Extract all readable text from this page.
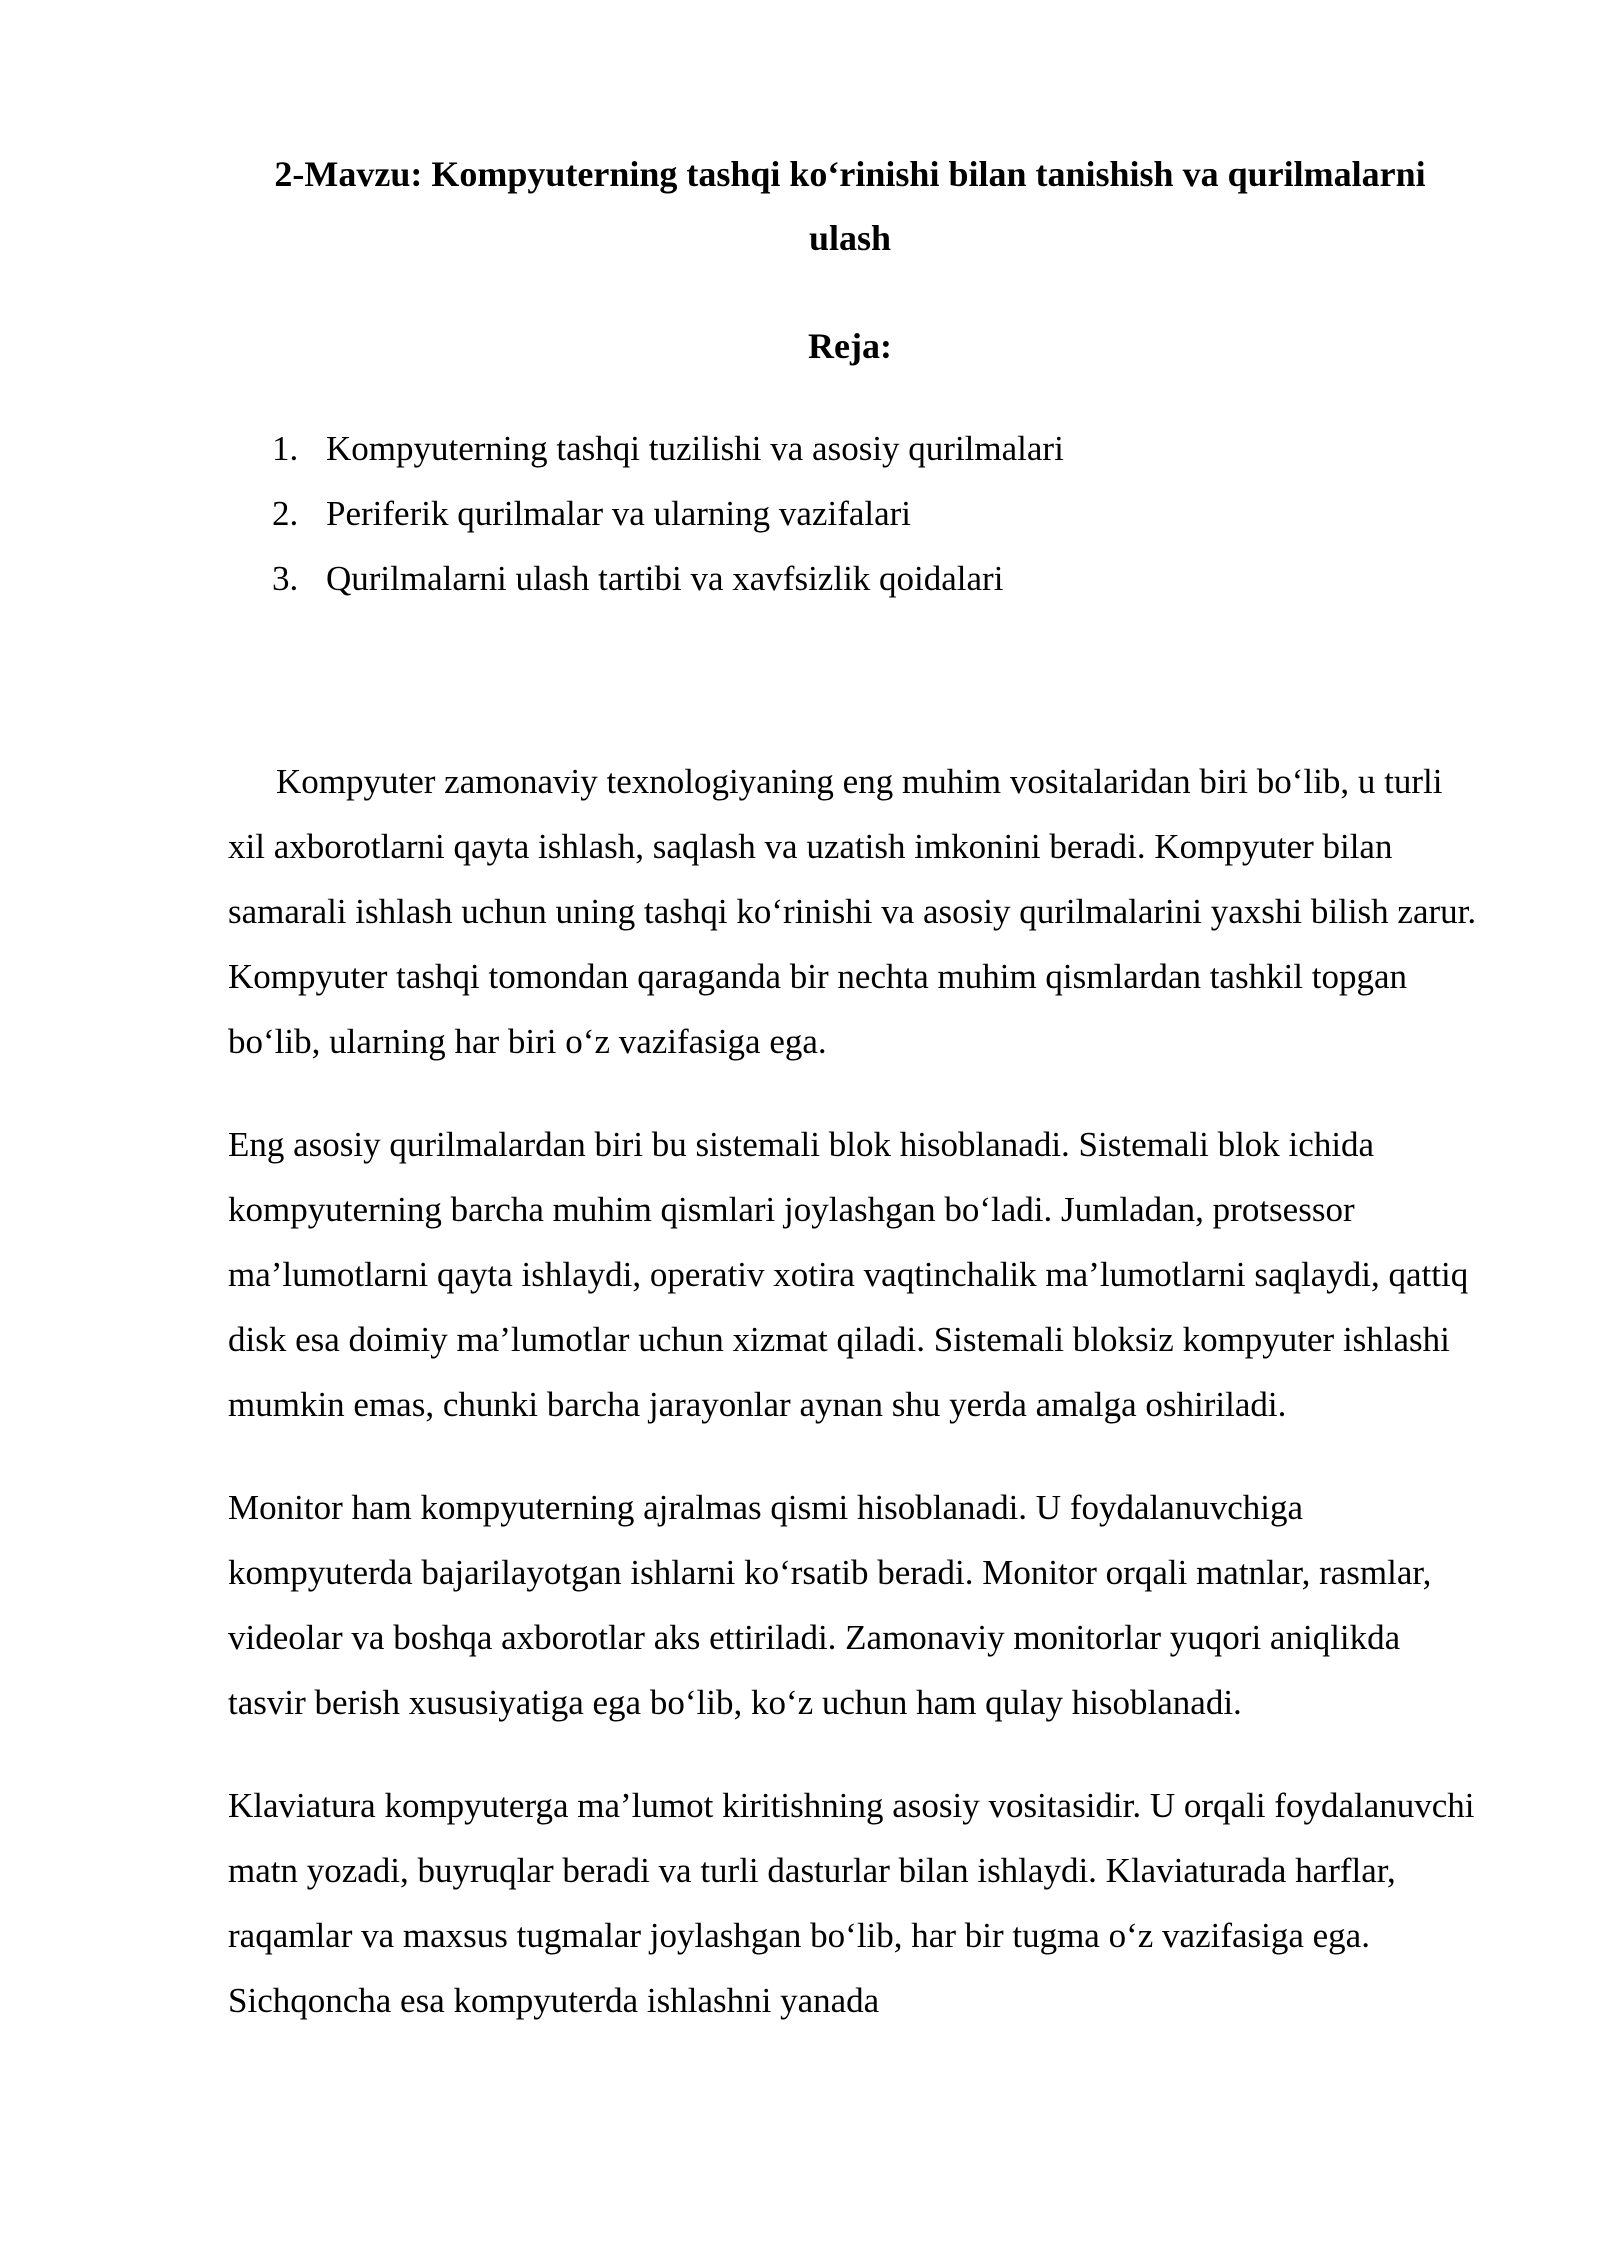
2-Mavzu: Kompyuterning tashqi ko‘rinishi bilan tanishish va qurilmalarni ulash
Reja:
1. Kompyuterning tashqi tuzilishi va asosiy qurilmalari
2. Periferik qurilmalar va ularning vazifalari
3. Qurilmalarni ulash tartibi va xavfsizlik qoidalari

Kompyuter zamonaviy texnologiyaning eng muhim vositalaridan biri bo‘lib, u turli xil axborotlarni qayta ishlash, saqlash va uzatish imkonini beradi. Kompyuter bilan samarali ishlash uchun uning tashqi ko‘rinishi va asosiy qurilmalarini yaxshi bilish zarur. Kompyuter tashqi tomondan qaraganda bir nechta muhim qismlardan tashkil topgan bo‘lib, ularning har biri o‘z vazifasiga ega.

Eng asosiy qurilmalardan biri bu sistemali blok hisoblanadi. Sistemali blok ichida kompyuterning barcha muhim qismlari joylashgan bo‘ladi. Jumladan, protsessor ma’lumotlarni qayta ishlaydi, operativ xotira vaqtinchalik ma’lumotlarni saqlaydi, qattiq disk esa doimiy ma’lumotlar uchun xizmat qiladi. Sistemali bloksiz kompyuter ishlashi mumkin emas, chunki barcha jarayonlar aynan shu yerda amalga oshiriladi.

Monitor ham kompyuterning ajralmas qismi hisoblanadi. U foydalanuvchiga kompyuterda bajarilayotgan ishlarni ko‘rsatib beradi. Monitor orqali matnlar, rasmlar, videolar va boshqa axborotlar aks ettiriladi. Zamonaviy monitorlar yuqori aniqlikda tasvir berish xususiyatiga ega bo‘lib, ko‘z uchun ham qulay hisoblanadi.

Klaviatura kompyuterga ma’lumot kiritishning asosiy vositasidir. U orqali foydalanuvchi matn yozadi, buyruqlar beradi va turli dasturlar bilan ishlaydi. Klaviaturada harflar, raqamlar va maxsus tugmalar joylashgan bo‘lib, har bir tugma o‘z vazifasiga ega. Sichqoncha esa kompyuterda ishlashni yanada
